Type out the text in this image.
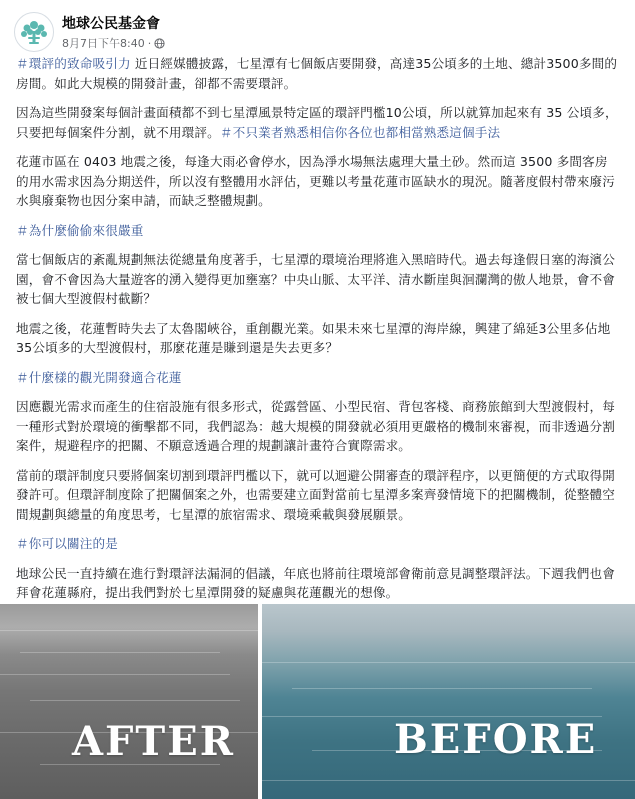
地球公民基金會
8月7日下午8:40 ·

＃環評的致命吸引力 近日經媒體披露，七星潭有七個飯店要開發，高達35公頃多的土地、總計3500多間的房間。如此大規模的開發計畫，卻都不需要環評。

因為這些開發案每個計畫面積都不到七星潭風景特定區的環評門檻10公頃，所以就算加起來有 35 公頃多，只要把每個案件分割，就不用環評。＃不只業者熟悉相信你各位也都相當熟悉這個手法

花蓮市區在 0403 地震之後，每逢大雨必會停水，因為淨水場無法處理大量土砂。然而這 3500 多間客房的用水需求因為分期送件，所以沒有整體用水評估，更難以考量花蓮市區缺水的現況。隨著度假村帶來廢污水與廢棄物也因分案申請，而缺乏整體規劃。

＃為什麼偷偷來很嚴重

當七個飯店的紊亂規劃無法從總量角度著手，七星潭的環境治理將進入黑暗時代。過去每逢假日塞的海濱公園，會不會因為大量遊客的湧入變得更加壅塞？中央山脈、太平洋、清水斷崖與洄瀾灣的傲人地景，會不會被七個大型渡假村截斷？

地震之後，花蓮暫時失去了太魯閣峽谷，重創觀光業。如果未來七星潭的海岸線，興建了綿延3公里多佔地35公頃多的大型渡假村，那麼花蓮是賺到還是失去更多？

＃什麼樣的觀光開發適合花蓮

因應觀光需求而產生的住宿設施有很多形式，從露營區、小型民宿、背包客棧、商務旅館到大型渡假村，每一種形式對於環境的衝擊都不同，我們認為：越大規模的開發就必須用更嚴格的機制來審視，而非透過分割案件，規避程序的把關、不願意透過合理的規劃讓計畫符合實際需求。

當前的環評制度只要將個案切割到環評門檻以下，就可以迴避公開審查的環評程序，以更簡便的方式取得開發許可。但環評制度除了把關個案之外，也需要建立面對當前七星潭多案齊發情境下的把關機制，從整體空間規劃與總量的角度思考，七星潭的旅宿需求、環境乘載與發展願景。

＃你可以關注的是

地球公民一直持續在進行對環評法漏洞的倡議，年底也將前往環境部會衛前意見調整環評法。下週我們也會拜會花蓮縣府，提出我們對於七星潭開發的疑慮與花蓮觀光的想像。

AFTER	BEFORE
